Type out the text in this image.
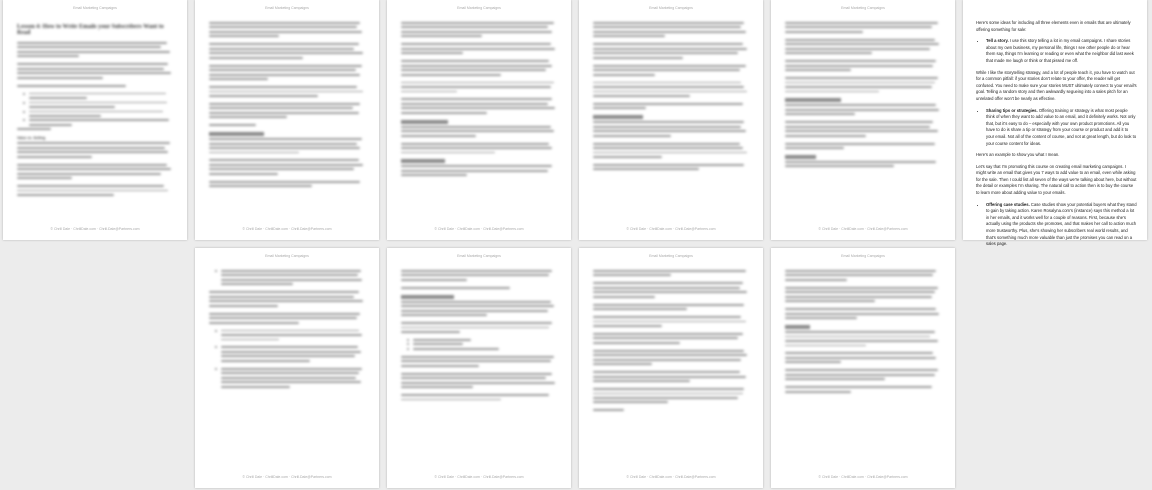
Email Marketing Campaigns
Lesson 4: How to Write Emails your Subscribers Want to Read
Value vs. Selling
© Chrill Dale · ChrillDale.com · Chrill.Dale@Partners.com
Email Marketing Campaigns
© Chrill Dale · ChrillDale.com · Chrill.Dale@Partners.com
Email Marketing Campaigns
© Chrill Dale · ChrillDale.com · Chrill.Dale@Partners.com
Email Marketing Campaigns
© Chrill Dale · ChrillDale.com · Chrill.Dale@Partners.com
Email Marketing Campaigns
© Chrill Dale · ChrillDale.com · Chrill.Dale@Partners.com

Here's some ideas for including all three elements even in emails that are ultimately offering something for sale:

• Tell a story. I use this story telling a lot in my email campaigns. I share stories about my own business, my personal life, things I see other people do or hear them say, things I'm learning or reading or even what the neighbor did last week that made me laugh or think or that pissed me off.

While I like the storytelling strategy, and a lot of people teach it, you have to watch out for a common pitfall: if your stories don't relate to your offer, the reader will get confused. You need to make sure your stories MUST ultimately connect to your email's goal. Telling a random story and then awkwardly segueing into a sales pitch for an unrelated offer won't be nearly as effective.

• Sharing tips or strategies. Offering training or strategy is what most people think of when they want to add value to an email, and it definitely works. Not only that, but it's easy to do – especially with your own product promotions. All you have to do is share a tip or strategy from your course or product and add it to your email. Not all of the content of course, and not at great length, but do look to your course content for ideas.

Here's an example to show you what I mean.

Let's say that I'm promoting this course on creating email marketing campaigns. I might write an email that gives you 7 ways to add value to an email, even while asking for the sale. Then I could list all seven of the ways we're talking about here, but without the detail or examples I'm sharing. The natural call to action then is to buy the course to learn more about adding value to your emails.

• Offering case studies. Case studies show your potential buyers what they stand to gain by taking action. Karen Rosalyna.com's (instance) says this method a lot in her emails, and it works well for a couple of reasons. First, because she's actually using the products she promotes, and that makes her call to action much more trustworthy. Plus, she's showing her subscribers real world results, and that's something much more valuable than just the promises you can read on a sales page.
Email Marketing Campaigns
© Chrill Dale · ChrillDale.com · Chrill.Dale@Partners.com
Email Marketing Campaigns
© Chrill Dale · ChrillDale.com · Chrill.Dale@Partners.com
Email Marketing Campaigns
© Chrill Dale · ChrillDale.com · Chrill.Dale@Partners.com
Email Marketing Campaigns
© Chrill Dale · ChrillDale.com · Chrill.Dale@Partners.com
